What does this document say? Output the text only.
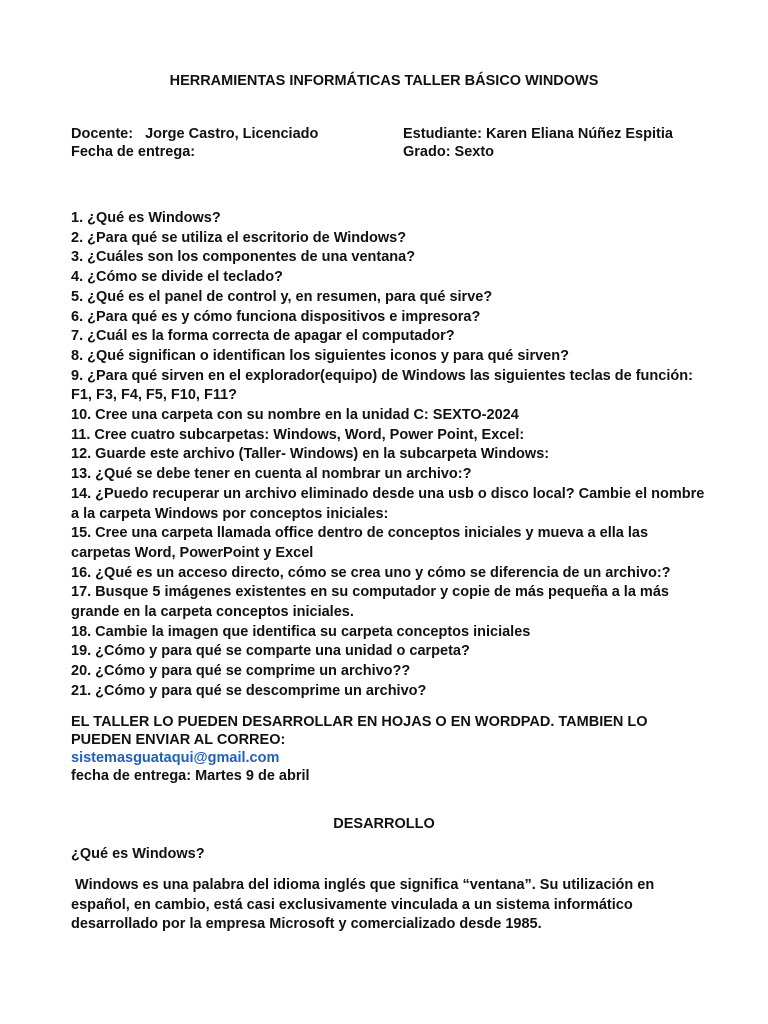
HERRAMIENTAS INFORMÁTICAS TALLER BÁSICO WINDOWS
Docente:   Jorge Castro, Licenciado	Estudiante: Karen Eliana Núñez Espitia
Fecha de entrega:	Grado: Sexto

1. ¿Qué es Windows?

2. ¿Para qué se utiliza el escritorio de Windows?

3. ¿Cuáles son los componentes de una ventana?

4. ¿Cómo se divide el teclado?

5. ¿Qué es el panel de control y, en resumen, para qué sirve?

6. ¿Para qué es y cómo funciona dispositivos e impresora?

7. ¿Cuál es la forma correcta de apagar el computador?

8. ¿Qué significan o identifican los siguientes iconos y para qué sirven?

9. ¿Para qué sirven en el explorador(equipo) de Windows las siguientes teclas de función: F1, F3, F4, F5, F10, F11?

10. Cree una carpeta con su nombre en la unidad C: SEXTO-2024

11. Cree cuatro subcarpetas: Windows, Word, Power Point, Excel:

12. Guarde este archivo (Taller- Windows) en la subcarpeta Windows:

13. ¿Qué se debe tener en cuenta al nombrar un archivo:?

14. ¿Puedo recuperar un archivo eliminado desde una usb o disco local? Cambie el nombre a la carpeta Windows por conceptos iniciales:

15. Cree una carpeta llamada office dentro de conceptos iniciales y mueva a ella las carpetas Word, PowerPoint y Excel

16. ¿Qué es un acceso directo, cómo se crea uno y cómo se diferencia de un archivo:?

17. Busque 5 imágenes existentes en su computador y copie de más pequeña a la más grande en la carpeta conceptos iniciales.

18. Cambie la imagen que identifica su carpeta conceptos iniciales

19. ¿Cómo y para qué se comparte una unidad o carpeta?

20. ¿Cómo y para qué se comprime un archivo??

21. ¿Cómo y para qué se descomprime un archivo?

EL TALLER LO PUEDEN DESARROLLAR EN HOJAS O EN WORDPAD. TAMBIEN LO PUEDEN ENVIAR AL CORREO:
sistemasguataqui@gmail.com
fecha de entrega: Martes 9 de abril
DESARROLLO
¿Qué es Windows?
Windows es una palabra del idioma inglés que significa “ventana”. Su utilización en español, en cambio, está casi exclusivamente vinculada a un sistema informático desarrollado por la empresa Microsoft y comercializado desde 1985.
